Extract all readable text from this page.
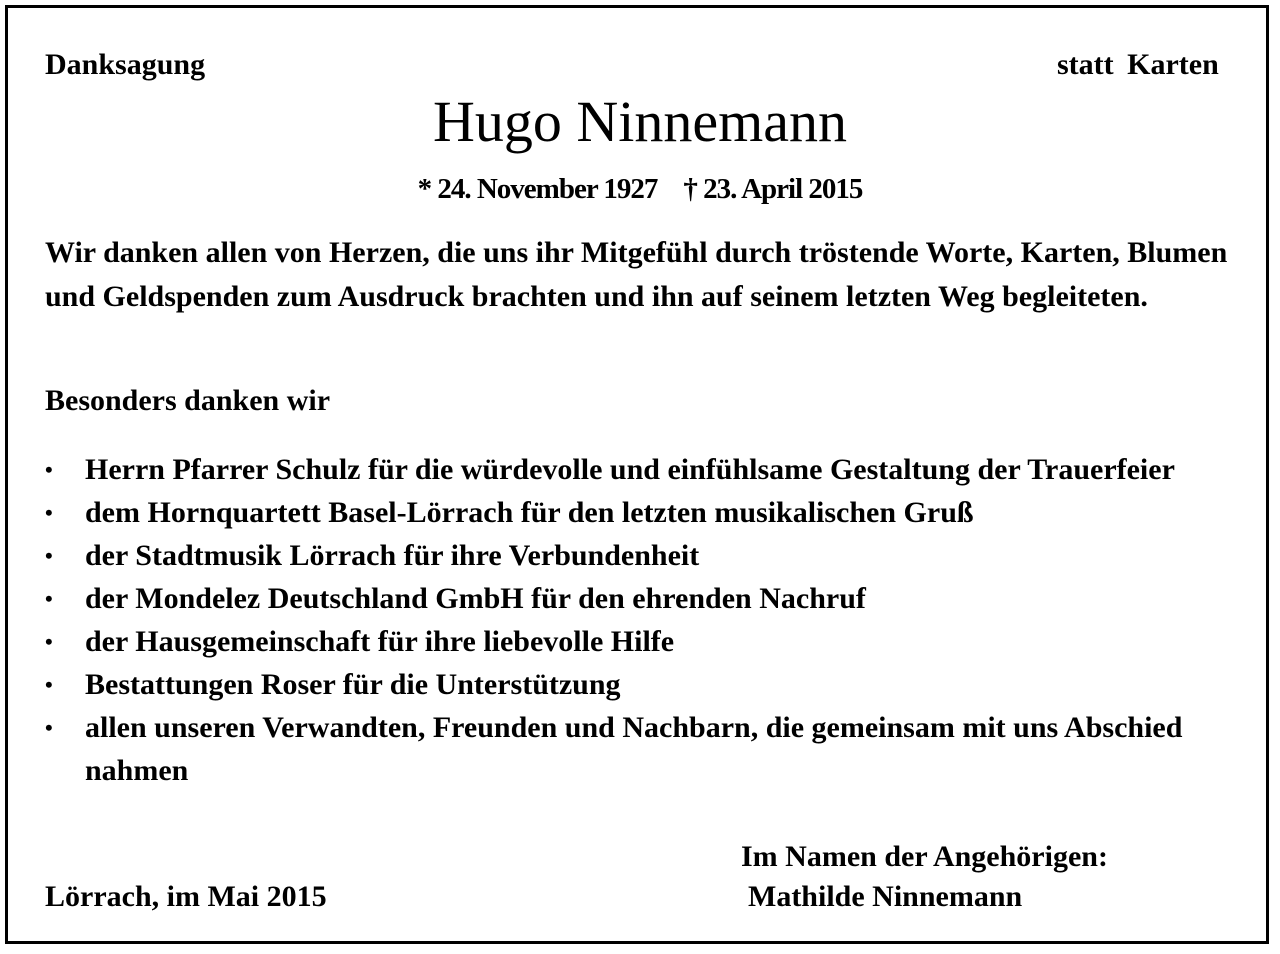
Danksagung	statt Karten
Hugo Ninnemann
* 24. November 1927 † 23. April 2015
Wir danken allen von Herzen, die uns ihr Mitgefühl durch tröstende Worte, Karten, Blumen und Geldspenden zum Ausdruck brachten und ihn auf seinem letzten Weg begleiteten.
Besonders danken wir
• Herrn Pfarrer Schulz für die würdevolle und einfühlsame Gestaltung der Trauerfeier
• dem Hornquartett Basel-Lörrach für den letzten musikalischen Gruß
• der Stadtmusik Lörrach für ihre Verbundenheit
• der Mondelez Deutschland GmbH für den ehrenden Nachruf
• der Hausgemeinschaft für ihre liebevolle Hilfe
• Bestattungen Roser für die Unterstützung
• allen unseren Verwandten, Freunden und Nachbarn, die gemeinsam mit uns Abschied nahmen
Im Namen der Angehörigen:
Lörrach, im Mai 2015	Mathilde Ninnemann
